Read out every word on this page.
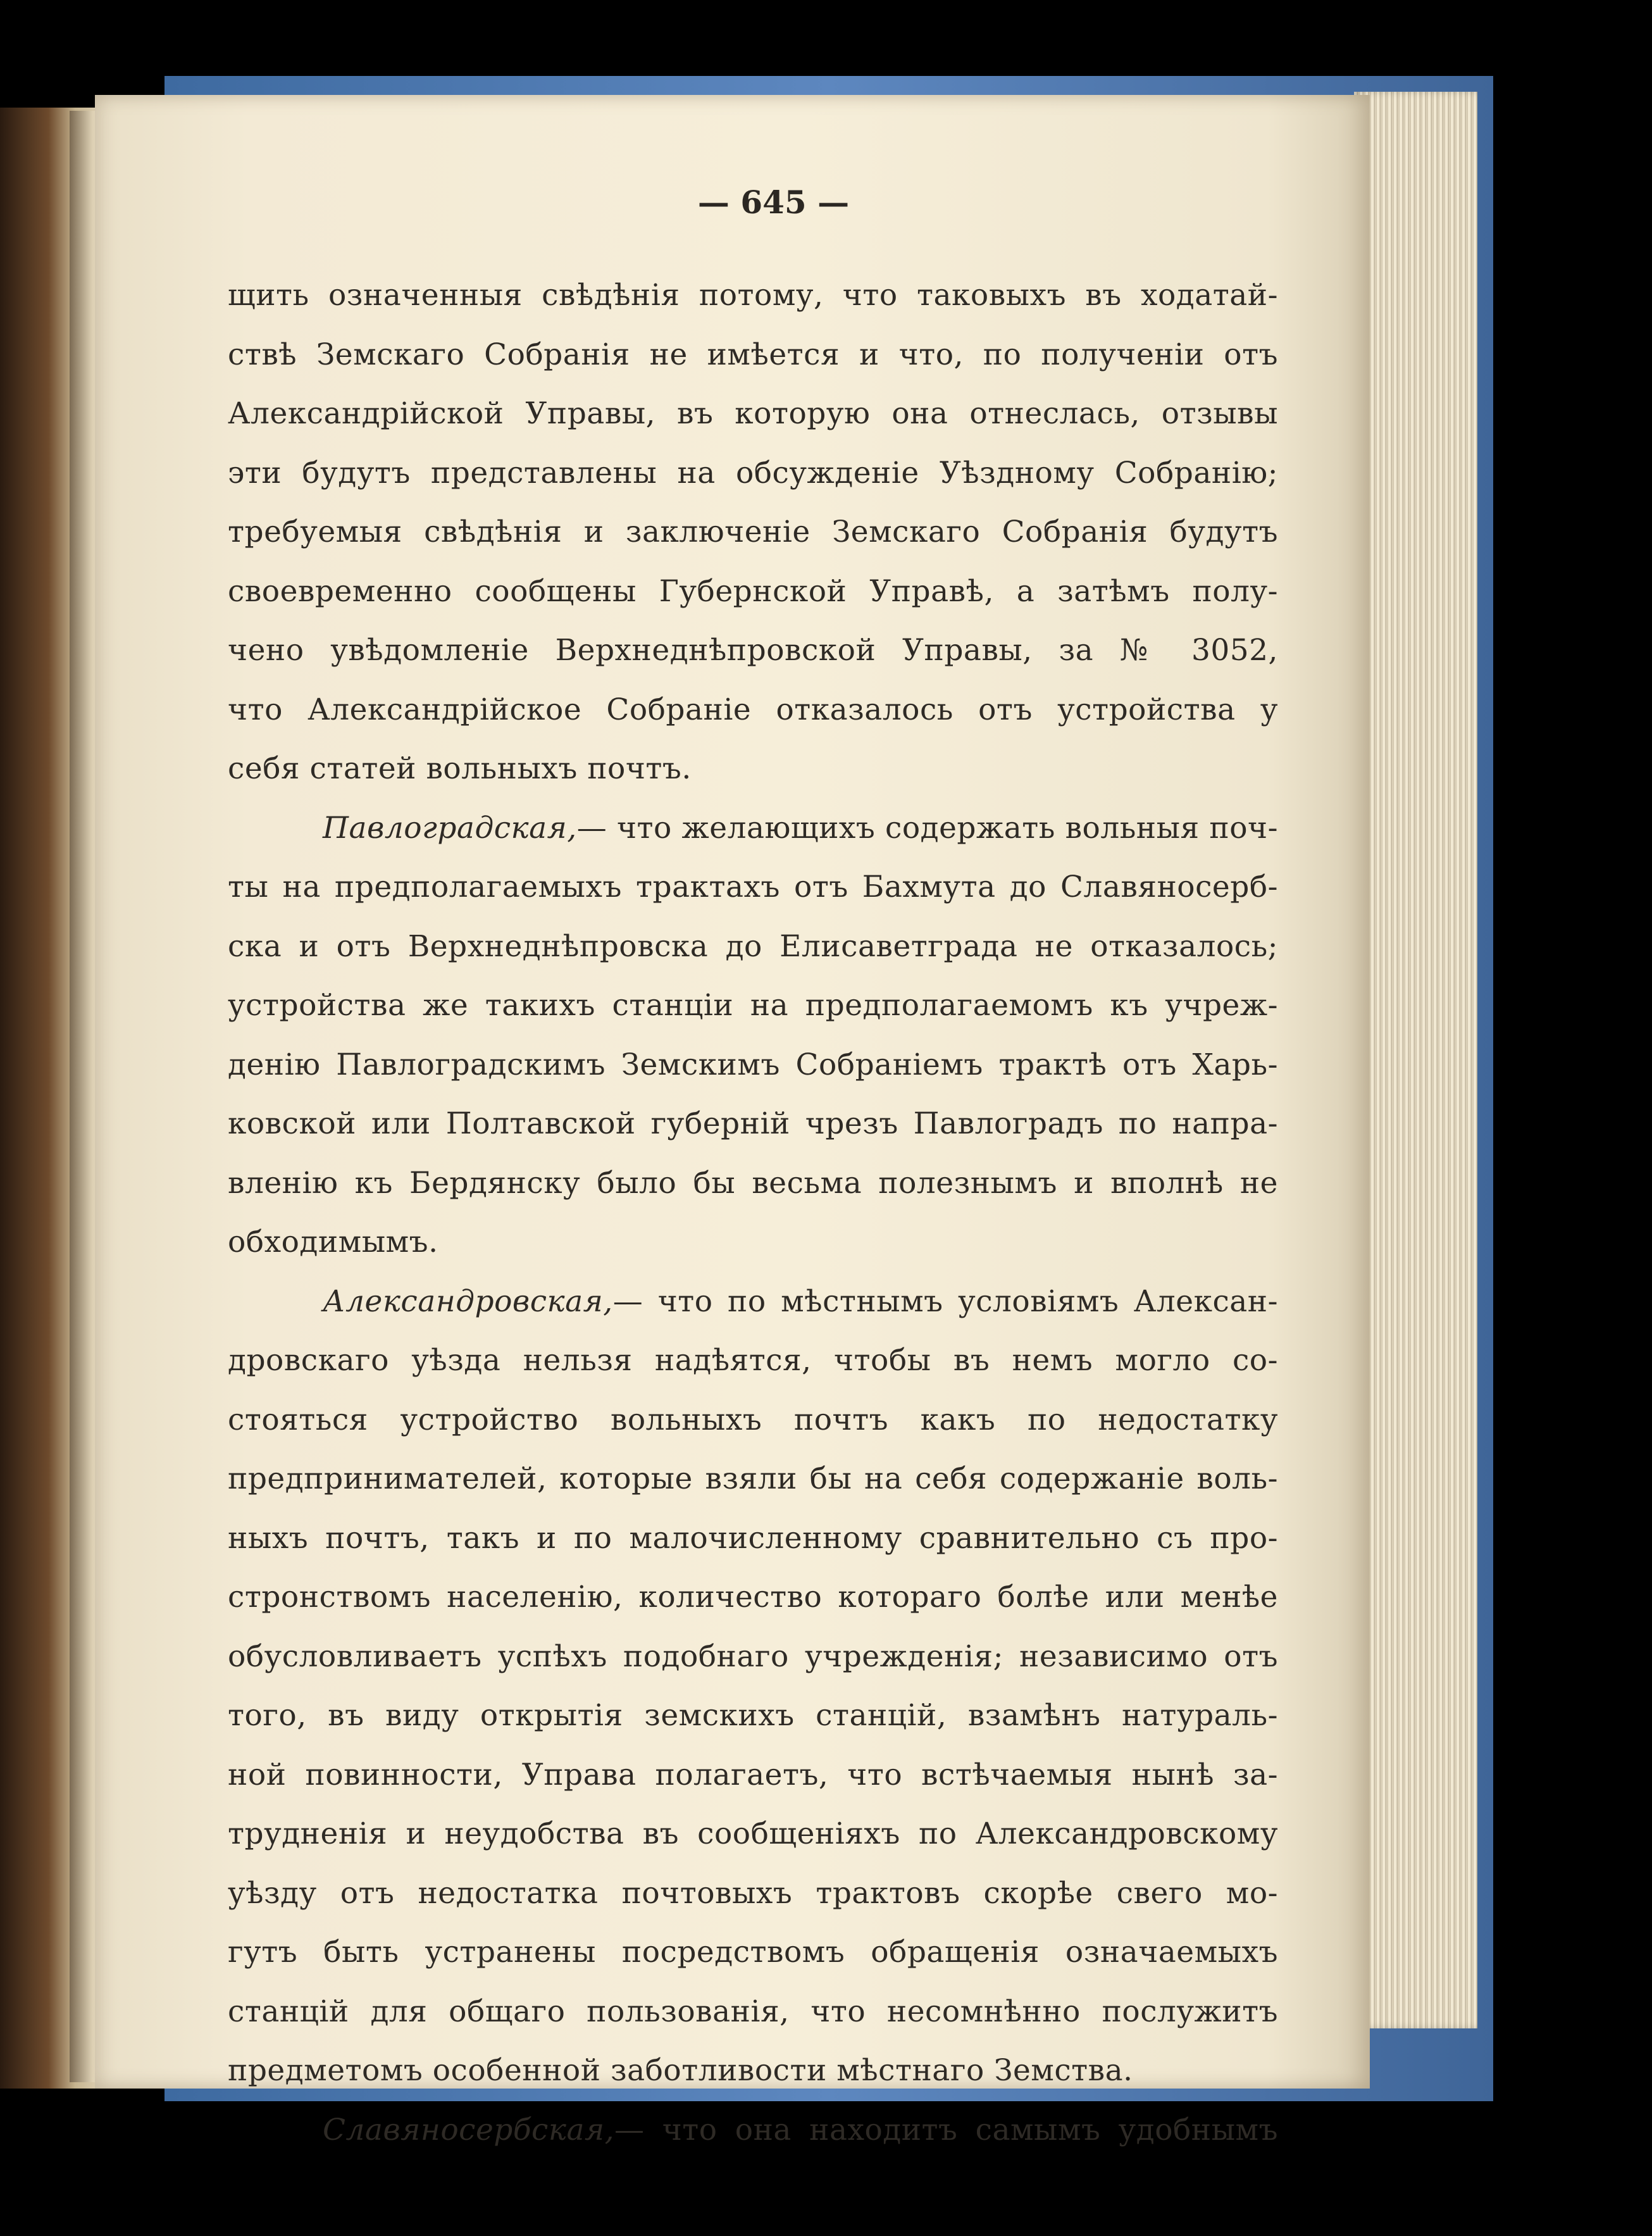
— 645 —
щить означенныя свѣдѣнія потому, что таковыхъ въ ходатай-
ствѣ Земскаго Собранія не имѣется и что, по полученіи отъ
Александрійской Управы, въ которую она отнеслась, отзывы
эти будутъ представлены на обсужденіе Уѣздному Собранію;
требуемыя свѣдѣнія и заключеніе Земскаго Собранія будутъ
своевременно сообщены Губернской Управѣ, а затѣмъ полу-
чено увѣдомленіе Верхнеднѣпровской Управы, за № 3052,
что Александрійское Собраніе отказалось отъ устройства у
себя статей вольныхъ почтъ.
Павлоградская,— что желающихъ содержать вольныя поч-
ты на предполагаемыхъ трактахъ отъ Бахмута до Славяносерб-
ска и отъ Верхнеднѣпровска до Елисаветграда не отказалось;
устройства же такихъ станціи на предполагаемомъ къ учреж-
денію Павлоградскимъ Земскимъ Собраніемъ трактѣ отъ Харь-
ковской или Полтавской губерній чрезъ Павлоградъ по напра-
вленію къ Бердянску было бы весьма полезнымъ и вполнѣ не
обходимымъ.
Александровская,— что по мѣстнымъ условіямъ Алексан-
дровскаго уѣзда нельзя надѣятся, чтобы въ немъ могло со-
стояться устройство вольныхъ почтъ какъ по недостатку
предпринимателей, которые взяли бы на себя содержаніе воль-
ныхъ почтъ, такъ и по малочисленному сравнительно съ про-
стронствомъ населенію, количество котораго болѣе или менѣе
обусловливаетъ успѣхъ подобнаго учрежденія; независимо отъ
того, въ виду открытія земскихъ станцій, взамѣнъ натураль-
ной повинности, Управа полагаетъ, что встѣчаемыя нынѣ за-
трудненія и неудобства въ сообщеніяхъ по Александровскому
уѣзду отъ недостатка почтовыхъ трактовъ скорѣе свего мо-
гутъ быть устранены посредствомъ обращенія означаемыхъ
станцій для общаго пользованія, что несомнѣнно послужитъ
предметомъ особенной заботливости мѣстнаго Земства.
Славяносербская,— что она находитъ самымъ удобнымъ
